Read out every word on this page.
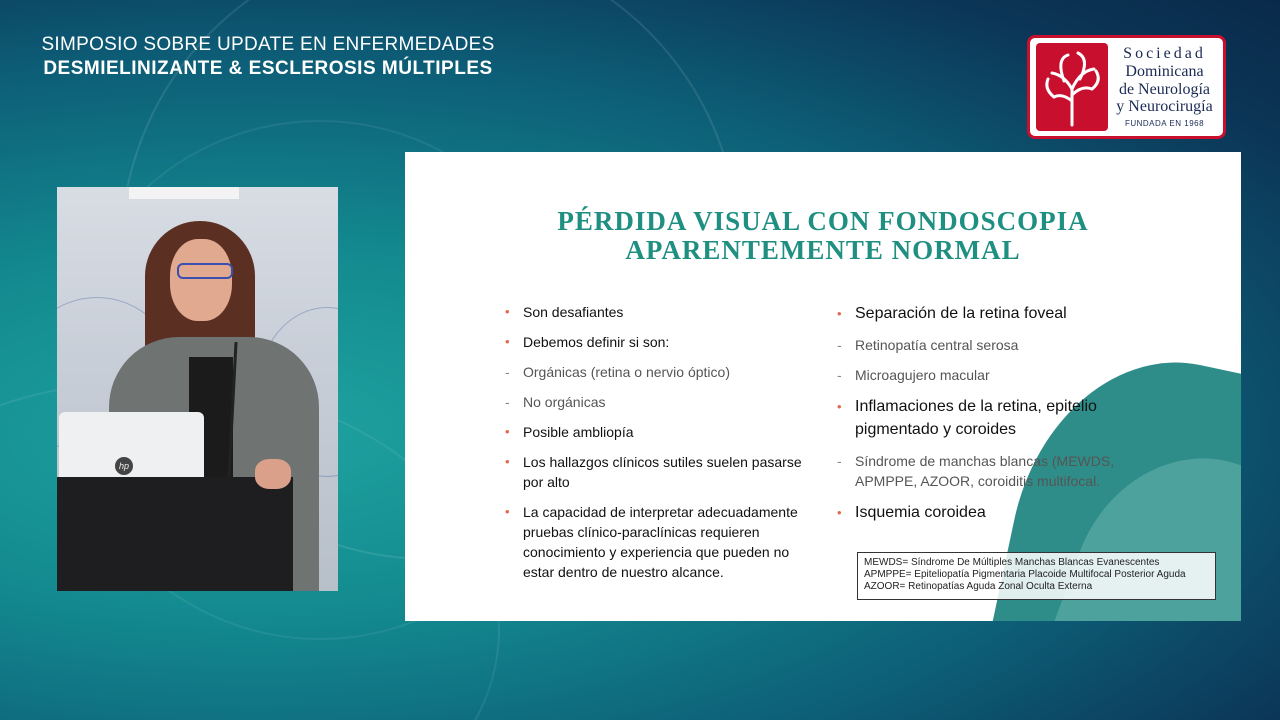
SIMPOSIO SOBRE UPDATE EN ENFERMEDADES
DESMIELINIZANTE & ESCLEROSIS MÚLTIPLES
Sociedad
Dominicana
de Neurología
y Neurocirugía
FUNDADA EN 1968
hp
PÉRDIDA VISUAL CON FONDOSCOPIA
APARENTEMENTE NORMAL
• Son desafiantes
• Debemos definir si son:
- Orgánicas (retina o nervio óptico)
- No orgánicas
• Posible ambliopía
• Los hallazgos clínicos sutiles suelen pasarse por alto
• La capacidad de interpretar adecuadamente pruebas clínico-paraclínicas requieren conocimiento y experiencia que pueden no estar dentro de nuestro alcance.
• Separación de la retina foveal
- Retinopatía central serosa
- Microagujero macular
• Inflamaciones de la retina, epitelio pigmentado y coroides
- Síndrome de manchas blancas (MEWDS, APMPPE, AZOOR, coroiditis multifocal.
• Isquemia coroidea
MEWDS= Síndrome De Múltiples Manchas Blancas Evanescentes
APMPPE= Epiteliopatía Pigmentaria Placoide Multifocal Posterior Aguda
AZOOR= Retinopatías Aguda Zonal Oculta Externa
